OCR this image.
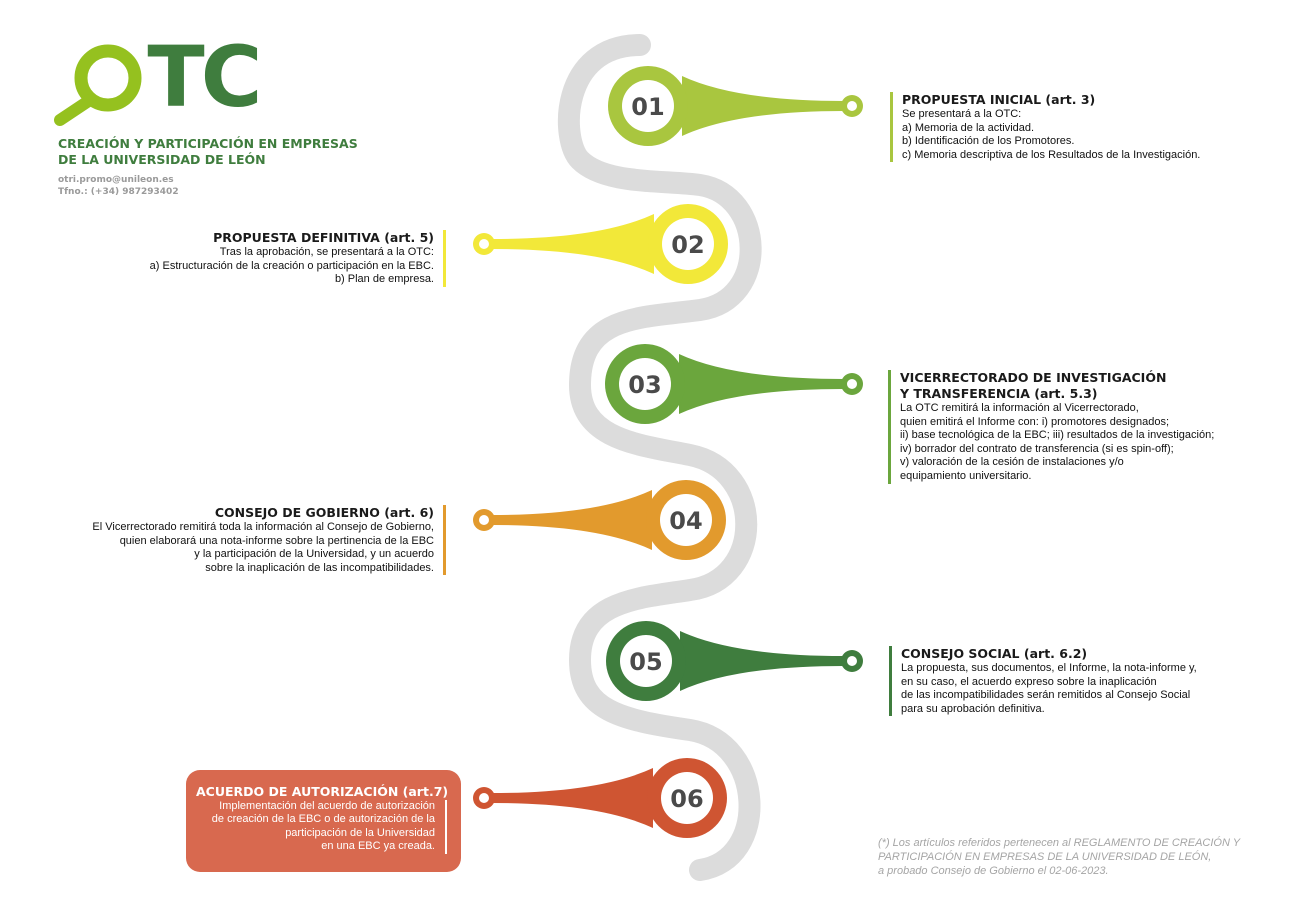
01
02
03
04
05
06
TC
CREACIÓN Y PARTICIPACIÓN EN EMPRESAS
DE LA UNIVERSIDAD DE LEÓN
otri.promo@unileon.es
Tfno.: (+34) 987293402
PROPUESTA INICIAL (art. 3)
Se presentará a la OTC:
a) Memoria de la actividad.
b) Identificación de los Promotores.
c) Memoria descriptiva de los Resultados de la Investigación.
PROPUESTA DEFINITIVA (art. 5)
Tras la aprobación, se presentará a la OTC:
a) Estructuración de la creación o participación en la EBC.
b) Plan de empresa.
VICERRECTORADO DE INVESTIGACIÓN
Y TRANSFERENCIA (art. 5.3)
La OTC remitirá la información al Vicerrectorado,
quien emitirá el Informe con: i) promotores designados;
ii) base tecnológica de la EBC; iii) resultados de la investigación;
iv) borrador del contrato de transferencia (si es spin-off);
v) valoración de la cesión de instalaciones y/o
equipamiento universitario.
CONSEJO DE GOBIERNO (art. 6)
El Vicerrectorado remitirá toda la información al Consejo de Gobierno,
quien elaborará una nota-informe sobre la pertinencia de la EBC
y la participación de la Universidad, y un acuerdo
sobre la inaplicación de las incompatibilidades.
CONSEJO SOCIAL (art. 6.2)
La propuesta, sus documentos, el Informe, la nota-informe y,
en su caso, el acuerdo expreso sobre la inaplicación
de las incompatibilidades serán remitidos al Consejo Social
para su aprobación definitiva.
ACUERDO DE AUTORIZACIÓN (art.7)
Implementación del acuerdo de autorización
de creación de la EBC o de autorización de la
participación de la Universidad
en una EBC ya creada.	(*) Los artículos referidos pertenecen al REGLAMENTO DE CREACIÓN Y
PARTICIPACIÓN EN EMPRESAS DE LA UNIVERSIDAD DE LEÓN,
a probado Consejo de Gobierno el 02-06-2023.
